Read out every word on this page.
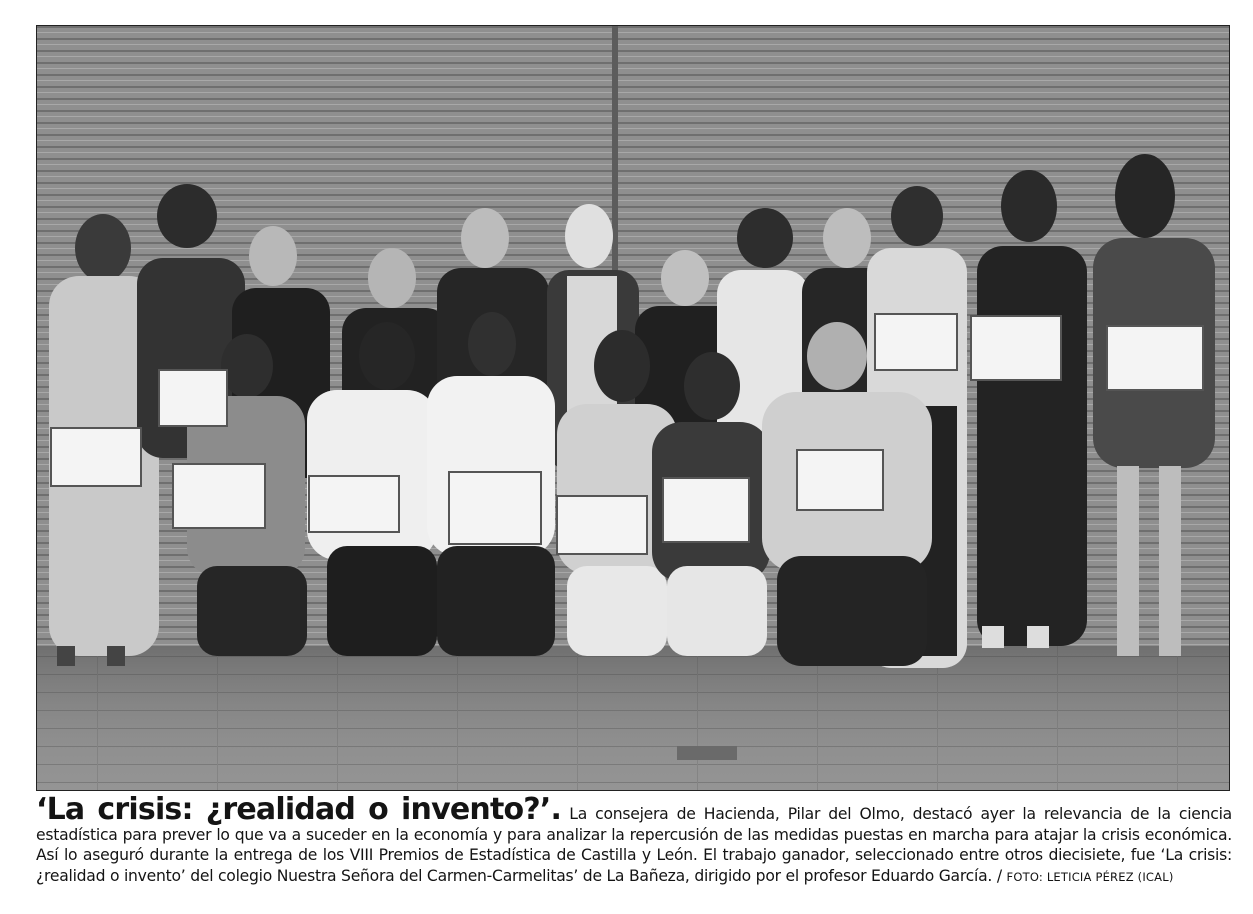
‘La crisis: ¿realidad o invento?’. La consejera de Hacienda, Pilar del Olmo, destacó ayer la relevancia de la ciencia estadística para prever lo que va a suceder en la economía y para analizar la repercusión de las medidas puestas en marcha para atajar la crisis económica. Así lo aseguró durante la entrega de los VIII Premios de Estadística de Castilla y León. El trabajo ganador, seleccionado entre otros diecisiete, fue ‘La crisis: ¿realidad o invento’ del colegio Nuestra Señora del Carmen-Carmelitas’ de La Bañeza, dirigido por el profesor Eduardo García. / FOTO: LETICIA PÉREZ (ICAL)
